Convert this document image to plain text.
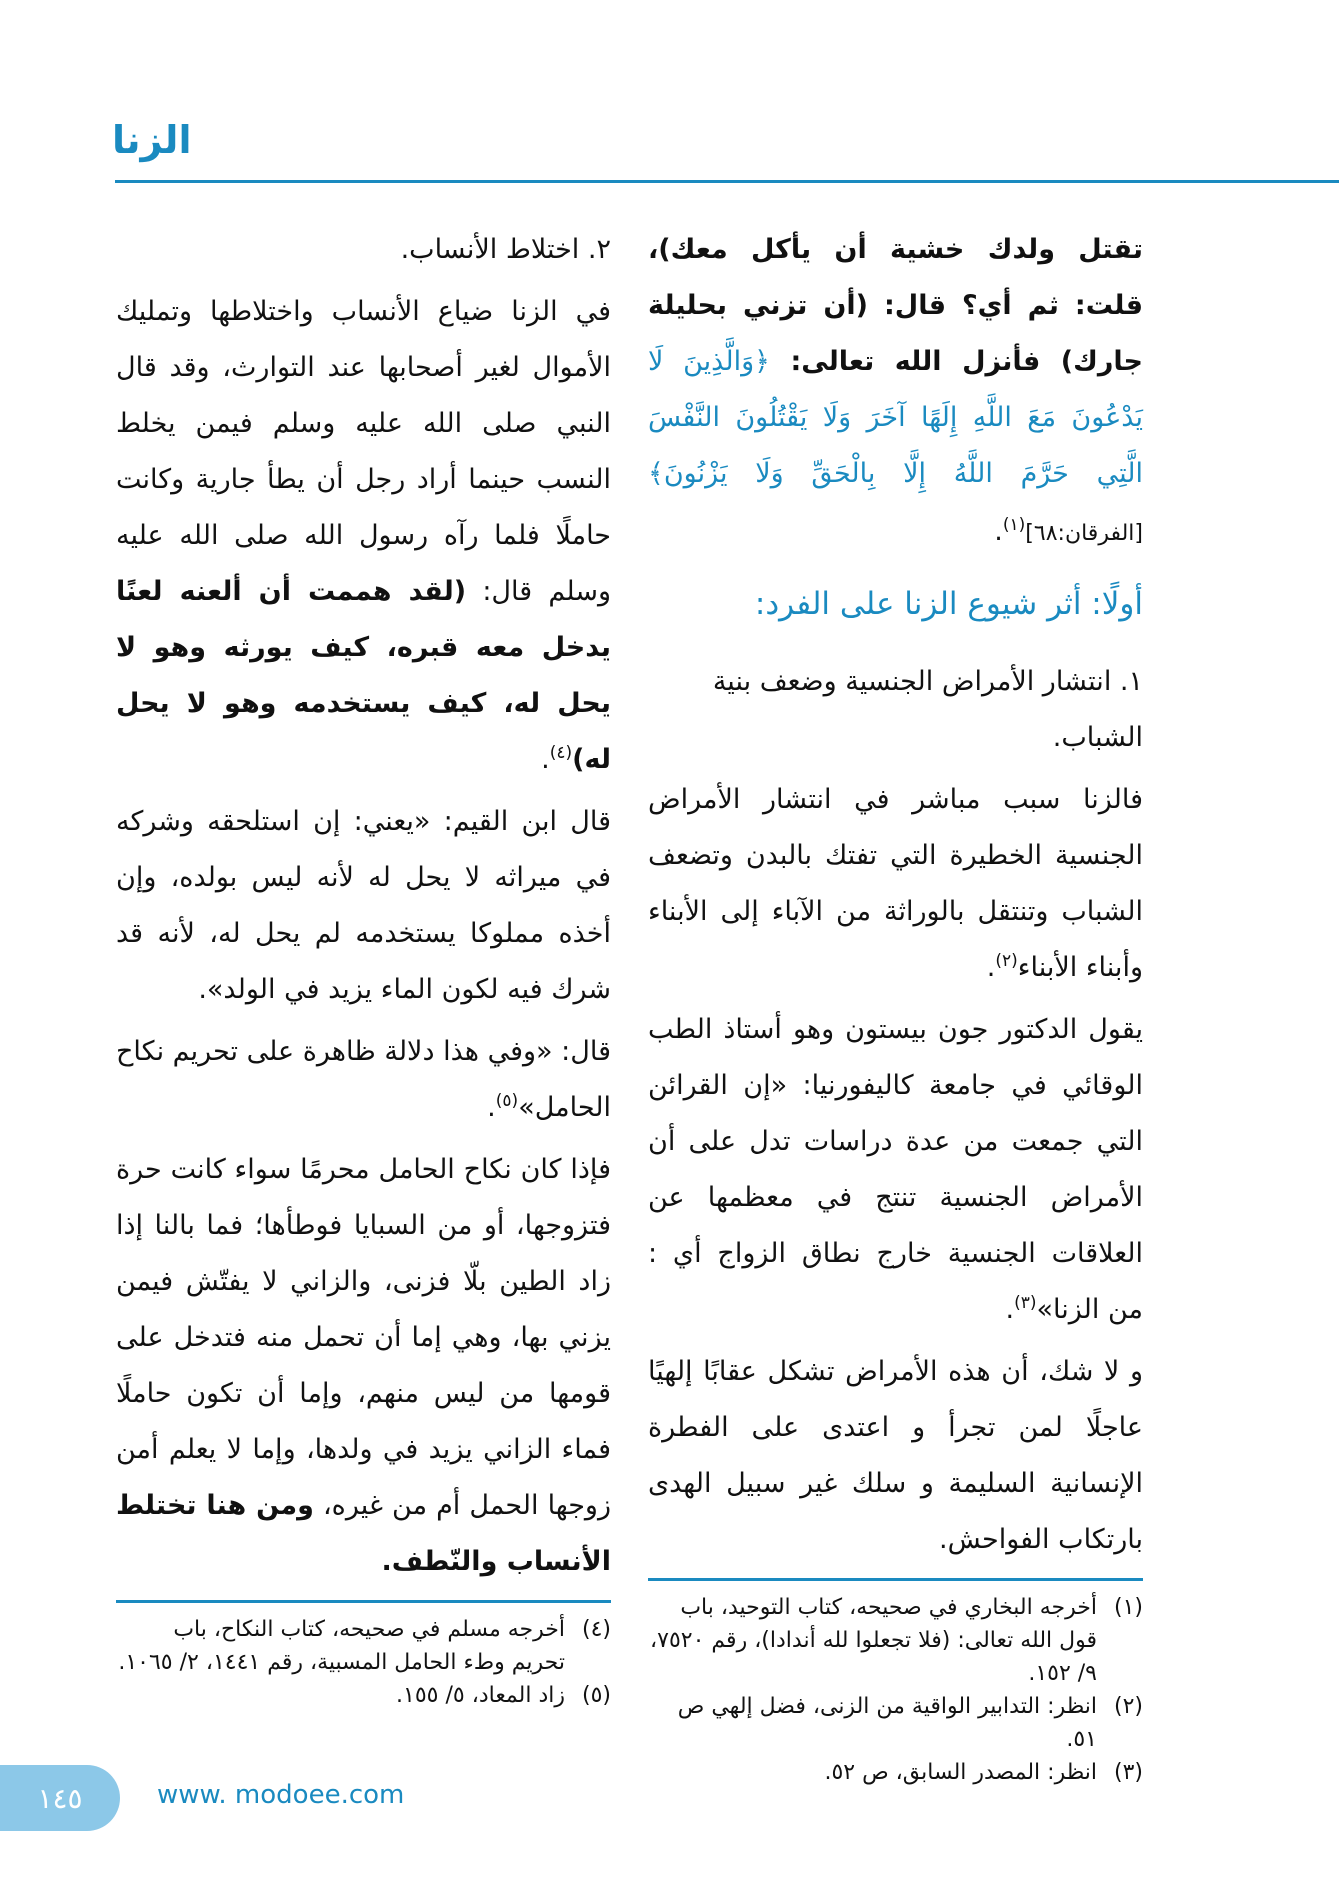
الزنا

تقتل ولدك خشية أن يأكل معك)، قلت: ثم أي؟ قال: (أن تزني بحليلة جارك) فأنزل الله تعالى: ﴿وَالَّذِينَ لَا يَدْعُونَ مَعَ اللَّهِ إِلَهًا آخَرَ وَلَا يَقْتُلُونَ النَّفْسَ الَّتِي حَرَّمَ اللَّهُ إِلَّا بِالْحَقِّ وَلَا يَزْنُونَ﴾ [الفرقان:٦٨]$^{(١)}$.

أولًا: أثر شيوع الزنا على الفرد:

١. انتشار الأمراض الجنسية وضعف بنية الشباب.

فالزنا سبب مباشر في انتشار الأمراض الجنسية الخطيرة التي تفتك بالبدن وتضعف الشباب وتنتقل بالوراثة من الآباء إلى الأبناء وأبناء الأبناء$^{(٢)}$.

يقول الدكتور جون بيستون وهو أستاذ الطب الوقائي في جامعة كاليفورنيا: «إن القرائن التي جمعت من عدة دراسات تدل على أن الأمراض الجنسية تنتج في معظمها عن العلاقات الجنسية خارج نطاق الزواج أي : من الزنا»$^{(٣)}$.

و لا شك، أن هذه الأمراض تشكل عقابًا إلهيًا عاجلًا لمن تجرأ و اعتدى على الفطرة الإنسانية السليمة و سلك غير سبيل الهدى بارتكاب الفواحش.

(١)
أخرجه البخاري في صحيحه، كتاب التوحيد، باب قول الله تعالى: (فلا تجعلوا لله أندادا)، رقم ٧٥٢٠، ٩/ ١٥٢.
(٢)
انظر: التدابير الواقية من الزنى، فضل إلهي ص ٥١.
(٣)
انظر: المصدر السابق، ص ٥٢.

٢. اختلاط الأنساب.

في الزنا ضياع الأنساب واختلاطها وتمليك الأموال لغير أصحابها عند التوارث، وقد قال النبي صلى الله عليه وسلم فيمن يخلط النسب حينما أراد رجل أن يطأ جارية وكانت حاملًا فلما رآه رسول الله صلى الله عليه وسلم قال: (لقد هممت أن ألعنه لعنًا يدخل معه قبره، كيف يورثه وهو لا يحل له، كيف يستخدمه وهو لا يحل له)$^{(٤)}$.

قال ابن القيم: «يعني: إن استلحقه وشركه في ميراثه لا يحل له لأنه ليس بولده، وإن أخذه مملوكا يستخدمه لم يحل له، لأنه قد شرك فيه لكون الماء يزيد في الولد».

قال: «وفي هذا دلالة ظاهرة على تحريم نكاح الحامل»$^{(٥)}$.

فإذا كان نكاح الحامل محرمًا سواء كانت حرة فتزوجها، أو من السبايا فوطأها؛ فما بالنا إذا زاد الطين بلّا فزنى، والزاني لا يفتّش فيمن يزني بها، وهي إما أن تحمل منه فتدخل على قومها من ليس منهم، وإما أن تكون حاملًا فماء الزاني يزيد في ولدها، وإما لا يعلم أمن زوجها الحمل أم من غيره، ومن هنا تختلط الأنساب والنّطف.

(٤)
أخرجه مسلم في صحيحه، كتاب النكاح، باب تحريم وطء الحامل المسبية، رقم ١٤٤١، ٢/ ١٠٦٥.
(٥)
زاد المعاد، ٥/ ١٥٥.
١٤٥	www. modoee.com
